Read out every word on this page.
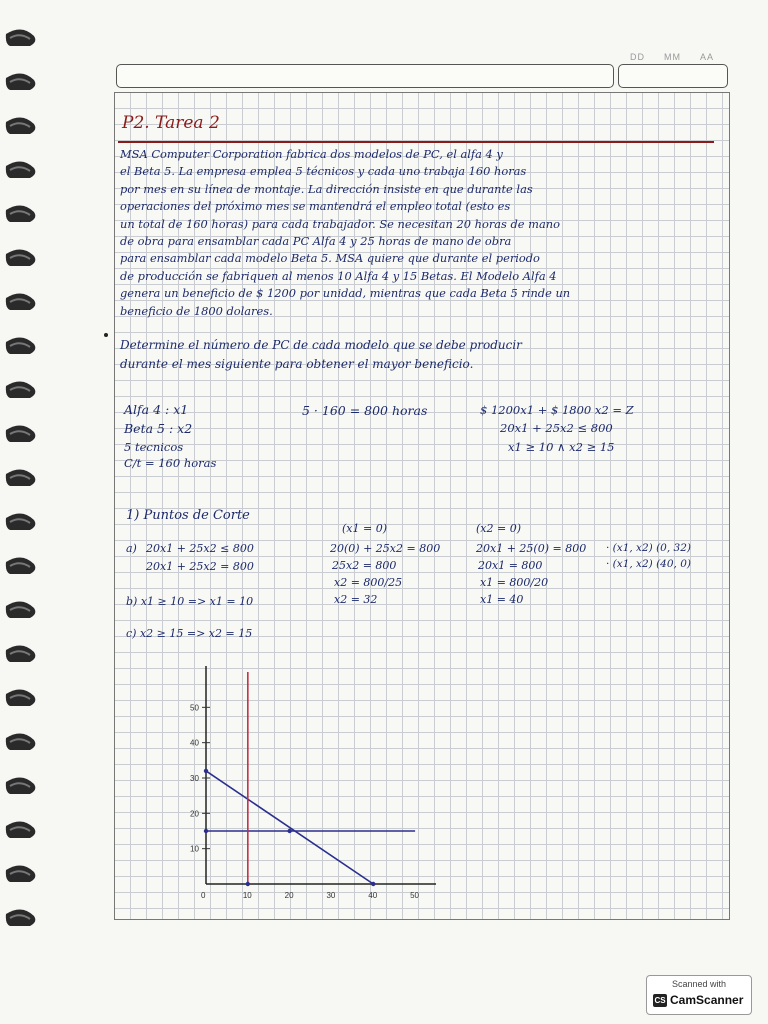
DD MM AA
P2. Tarea 2
MSA Computer Corporation fabrica dos modelos de PC, el alfa 4 y
el Beta 5. La empresa emplea 5 técnicos y cada uno trabaja 160 horas
por mes en su línea de montaje. La dirección insiste en que durante las
operaciones del próximo mes se mantendrá el empleo total (esto es
un total de 160 horas) para cada trabajador. Se necesitan 20 horas de mano
de obra para ensamblar cada PC Alfa 4 y 25 horas de mano de obra
para ensamblar cada modelo Beta 5. MSA quiere que durante el periodo
de producción se fabriquen al menos 10 Alfa 4 y 15 Betas. El Modelo Alfa 4
genera un beneficio de $ 1200 por unidad, mientras que cada Beta 5 rinde un
beneficio de 1800 dolares.
Determine el número de PC de cada modelo que se debe producir
durante el mes siguiente para obtener el mayor beneficio.
Alfa 4 : x1
Beta 5 : x2
5 tecnicos
C/t = 160 horas
5 · 160 = 800 horas	$ 1200x1 + $ 1800 x2 = Z
20x1 + 25x2 ≤ 800
x1 ≥ 10 ∧ x2 ≥ 15
1) Puntos de Corte
(x1 = 0)	(x2 = 0)
a) 20x1 + 25x2 ≤ 800
20x1 + 25x2 = 800
20(0) + 25x2 = 800
25x2 = 800
x2 = 800/25
x2 = 32
20x1 + 25(0) = 800
20x1 = 800
x1 = 800/20
x1 = 40
· (x1, x2) (0, 32)
· (x1, x2) (40, 0)
b) x1 ≥ 10 => x1 = 10
c) x2 ≥ 15 => x2 = 15
50
40
30
20
10
0	10	20	30	40	50
Scanned with
CS CamScanner
